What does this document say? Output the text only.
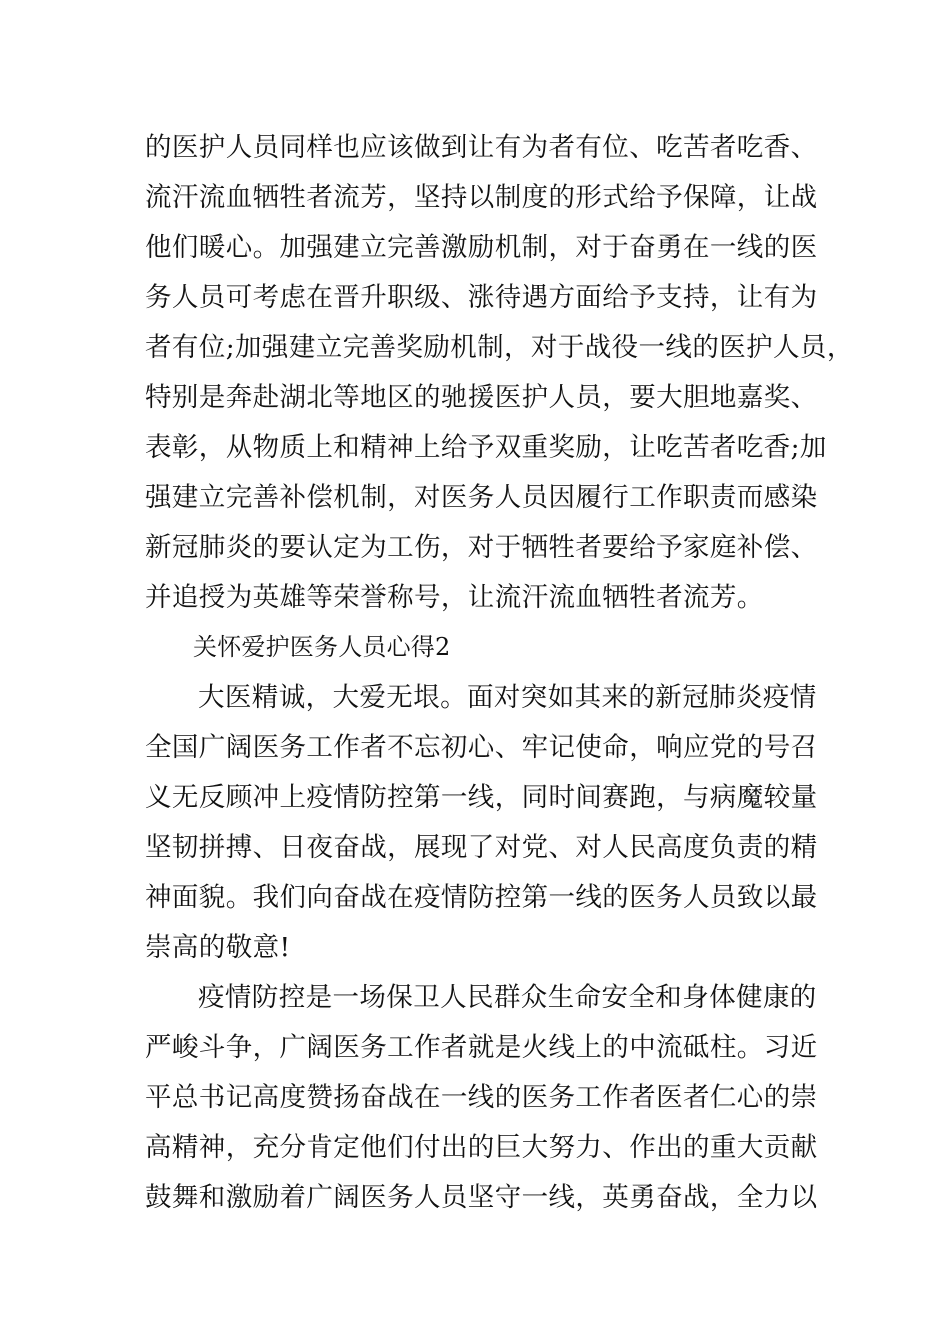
的医护人员同样也应该做到让有为者有位、吃苦者吃香、
流汗流血牺牲者流芳，坚持以制度的形式给予保障，让战
他们暖心。加强建立完善激励机制，对于奋勇在一线的医
务人员可考虑在晋升职级、涨待遇方面给予支持，让有为
者有位;加强建立完善奖励机制，对于战役一线的医护人员，
特别是奔赴湖北等地区的驰援医护人员，要大胆地嘉奖、
表彰，从物质上和精神上给予双重奖励，让吃苦者吃香;加
强建立完善补偿机制，对医务人员因履行工作职责而感染
新冠肺炎的要认定为工伤，对于牺牲者要给予家庭补偿、
并追授为英雄等荣誉称号，让流汗流血牺牲者流芳。
关怀爱护医务人员心得2
大医精诚，大爱无垠。面对突如其来的新冠肺炎疫情
全国广阔医务工作者不忘初心、牢记使命，响应党的号召
义无反顾冲上疫情防控第一线，同时间赛跑，与病魔较量
坚韧拼搏、日夜奋战，展现了对党、对人民高度负责的精
神面貌。我们向奋战在疫情防控第一线的医务人员致以最
崇高的敬意!
疫情防控是一场保卫人民群众生命安全和身体健康的
严峻斗争，广阔医务工作者就是火线上的中流砥柱。习近
平总书记高度赞扬奋战在一线的医务工作者医者仁心的崇
高精神，充分肯定他们付出的巨大努力、作出的重大贡献
鼓舞和激励着广阔医务人员坚守一线，英勇奋战，全力以
